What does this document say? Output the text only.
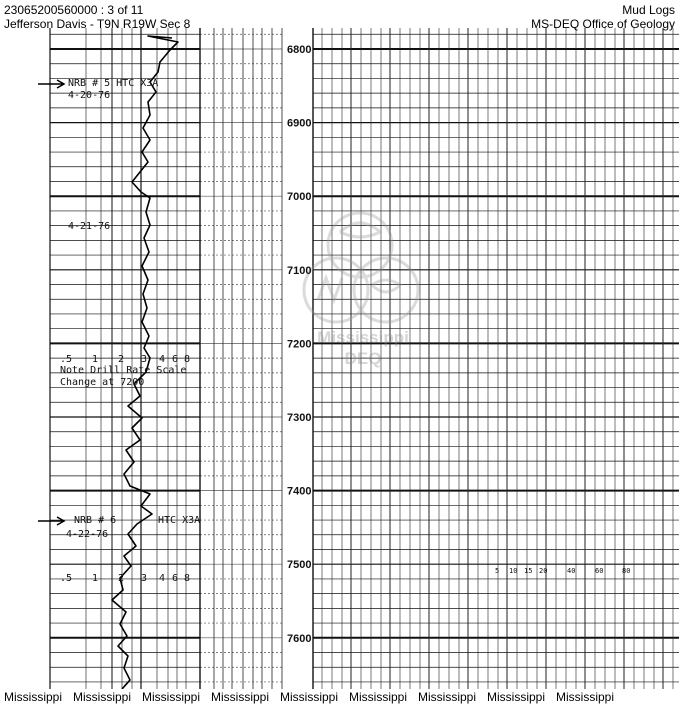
23065200560000 : 3 of 11
Jefferson Davis - T9N R19W Sec 8
Mud Logs
MS-DEQ Office of Geology
Mississippi
DEQ
NRB # 5 HTC X3A
4-20-76
4-21-76
Note Drill Rate Scale
Change at 7200
NRB # 6	HTC X3A
4-22-76
.5 1 2 3 4 6 8
.5 1 2 3 4 6 8
5 10 15 20	40	60	80
6800
6900
7000
7100
7200
7300
7400
7500
7600
Mississippi Mississippi Mississippi Mississippi Mississippi Mississippi Mississippi Mississippi Mississippi
